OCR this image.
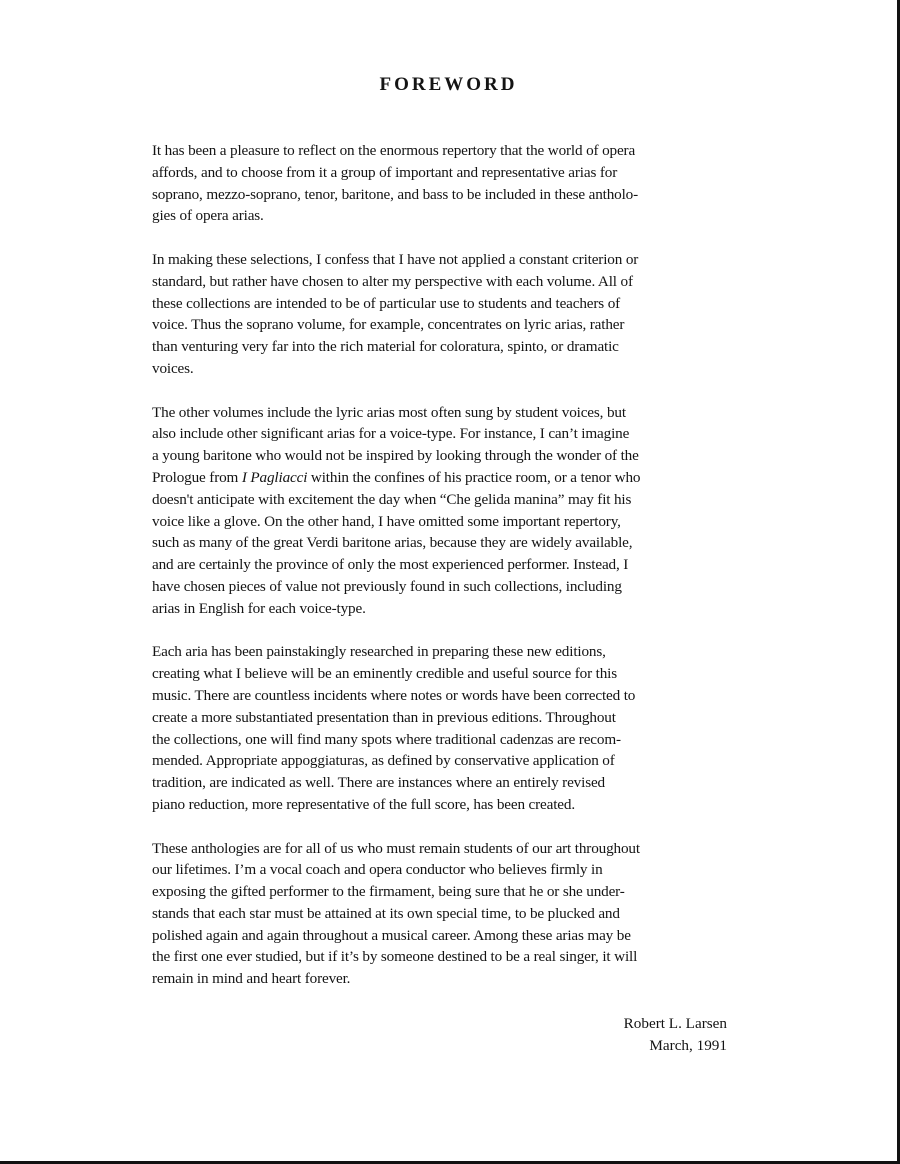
FOREWORD

It has been a pleasure to reflect on the enormous repertory that the world of opera
affords, and to choose from it a group of important and representative arias for
soprano, mezzo-soprano, tenor, baritone, and bass to be included in these antholo-
gies of opera arias.

In making these selections, I confess that I have not applied a constant criterion or
standard, but rather have chosen to alter my perspective with each volume. All of
these collections are intended to be of particular use to students and teachers of
voice. Thus the soprano volume, for example, concentrates on lyric arias, rather
than venturing very far into the rich material for coloratura, spinto, or dramatic
voices.

The other volumes include the lyric arias most often sung by student voices, but
also include other significant arias for a voice-type. For instance, I can’t imagine
a young baritone who would not be inspired by looking through the wonder of the
Prologue from I Pagliacci within the confines of his practice room, or a tenor who
doesn't anticipate with excitement the day when “Che gelida manina” may fit his
voice like a glove. On the other hand, I have omitted some important repertory,
such as many of the great Verdi baritone arias, because they are widely available,
and are certainly the province of only the most experienced performer. Instead, I
have chosen pieces of value not previously found in such collections, including
arias in English for each voice-type.

Each aria has been painstakingly researched in preparing these new editions,
creating what I believe will be an eminently credible and useful source for this
music. There are countless incidents where notes or words have been corrected to
create a more substantiated presentation than in previous editions. Throughout
the collections, one will find many spots where traditional cadenzas are recom-
mended. Appropriate appoggiaturas, as defined by conservative application of
tradition, are indicated as well. There are instances where an entirely revised
piano reduction, more representative of the full score, has been created.

These anthologies are for all of us who must remain students of our art throughout
our lifetimes. I’m a vocal coach and opera conductor who believes firmly in
exposing the gifted performer to the firmament, being sure that he or she under-
stands that each star must be attained at its own special time, to be plucked and
polished again and again throughout a musical career. Among these arias may be
the first one ever studied, but if it’s by someone destined to be a real singer, it will
remain in mind and heart forever.

Robert L. Larsen
March, 1991
